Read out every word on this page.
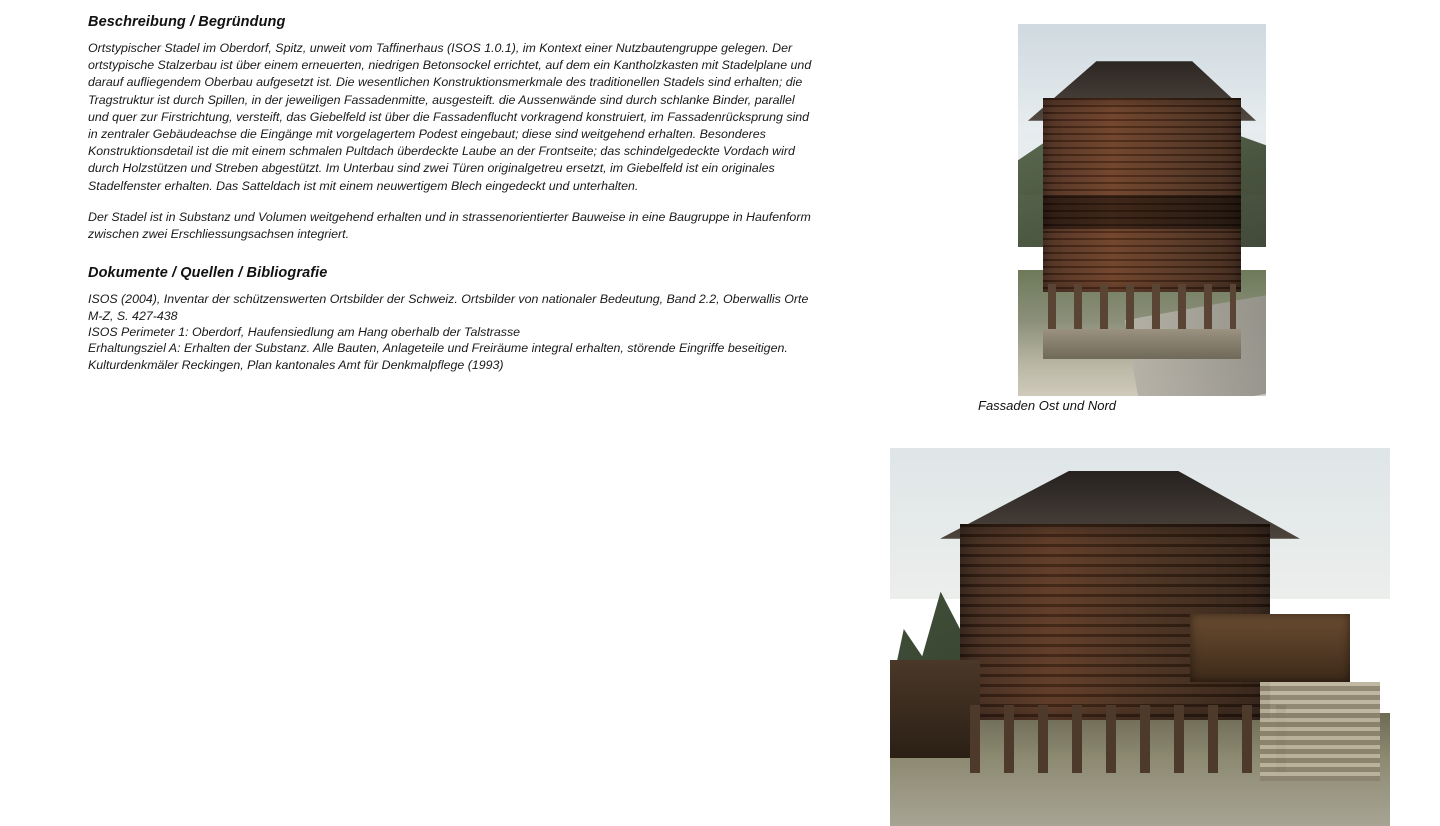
Beschreibung / Begründung

Ortstypischer Stadel im Oberdorf, Spitz, unweit vom Taffinerhaus (ISOS 1.0.1), im Kontext einer Nutzbautengruppe gelegen. Der ortstypische Stalzerbau ist über einem erneuerten, niedrigen Betonsockel errichtet, auf dem ein Kantholzkasten mit Stadelplane und darauf aufliegendem Oberbau aufgesetzt ist. Die wesentlichen Konstruktionsmerkmale des traditionellen Stadels sind erhalten; die Tragstruktur ist durch Spillen, in der jeweiligen Fassadenmitte, ausgesteift. die Aussenwände sind durch schlanke Binder, parallel und quer zur Firstrichtung, versteift, das Giebelfeld ist über die Fassadenflucht vorkragend konstruiert, im Fassadenrücksprung sind in zentraler Gebäudeachse die Eingänge mit vorgelagertem Podest eingebaut; diese sind weitgehend erhalten. Besonderes Konstruktionsdetail ist die mit einem schmalen Pultdach überdeckte Laube an der Frontseite; das schindelgedeckte Vordach wird durch Holzstützen und Streben abgestützt. Im Unterbau sind zwei Türen originalgetreu ersetzt, im Giebelfeld ist ein originales Stadelfenster erhalten. Das Satteldach ist mit einem neuwertigem Blech eingedeckt und unterhalten.

Der Stadel ist in Substanz und Volumen weitgehend erhalten und in strassenorientierter Bauweise in eine Baugruppe in Haufenform zwischen zwei Erschliessungsachsen integriert.

Dokumente / Quellen / Bibliografie

ISOS (2004), Inventar der schützenswerten Ortsbilder der Schweiz. Ortsbilder von nationaler Bedeutung, Band 2.2, Oberwallis Orte M-Z, S. 427-438

ISOS Perimeter 1: Oberdorf, Haufensiedlung am Hang oberhalb der Talstrasse

Erhaltungsziel A: Erhalten der Substanz. Alle Bauten, Anlageteile und Freiräume integral erhalten, störende Eingriffe beseitigen.

Kulturdenkmäler Reckingen, Plan kantonales Amt für Denkmalpflege (1993)

Fassaden Ost und Nord
